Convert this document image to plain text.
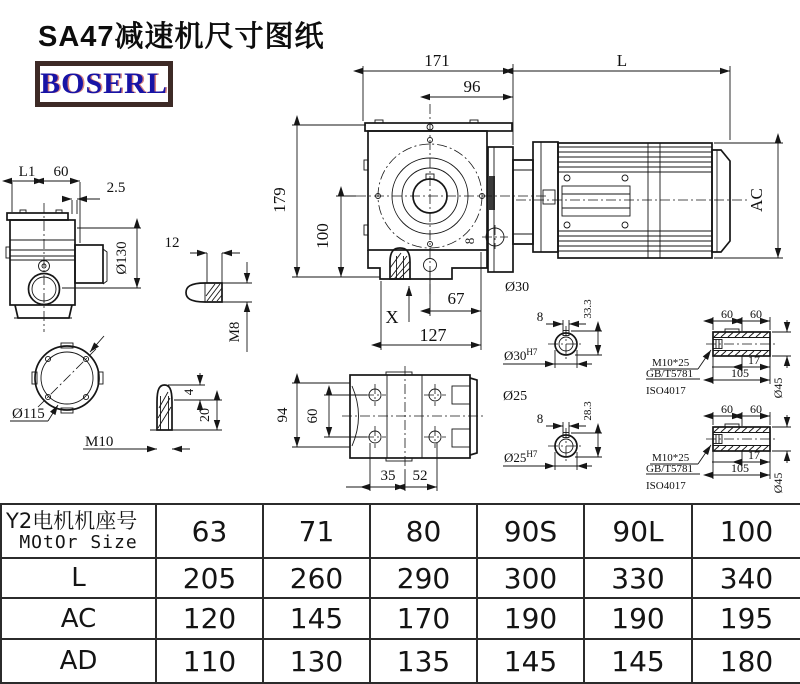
SA47减速机尺寸图纸
BOSERL
L1 60
2.5
Ø130 12
M8
Ø115
M10
4
20
171
96
L
179
100
67
127
X
8
Ø30
AC
94 60
35 52
8	33.3
$Ø30^{H7}$
Ø25
8	28.3
$Ø25^{H7}$
60 60
17
105
Ø45
M10*25
GB/T5781
ISO4017
60 60
17
105
Ø45
M10*25
GB/T5781
ISO4017
Y2电机机座号
MOtOr Size	63	71	80	90S	90L	100
L	205	260	290	300	330	340
AC	120	145	170	190	190	195
AD	110	130	135	145	145	180
